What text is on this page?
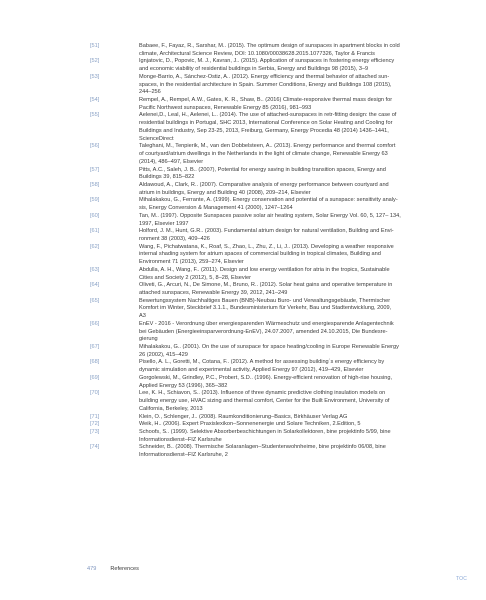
[51]	Babaee, F., Fayaz, R., Sarshar, M.. (2015). The optimum design of sunspaces in apartment blocks in cold
climate, Architectural Science Review, DOI: 10.1080/00038628.2015.1077326, Taylor & Francis
[52]	Ignjatovic, D., Popovic, M. J., Kavran, J.. (2015). Application of sunspaces in fostering energy efficiency
and economic viability of residential buildings in Serbia, Energy and Buildings 98 (2015), 3–9
[53]	Monge-Barrio, A., Sánchez-Ostiz, A.. (2012). Energy efficiency and thermal behavior of attached sun-
spaces, in the residential architecture in Spain. Summer Conditions, Energy and Buildings 108 (2015),
244–256
[54]	Rempel, A., Rempel, A.W., Gates, K. R., Shaw, B.. (2016) Climate-responsive thermal mass design for
Pacific Northwest sunspaces, Renewable Energy 85 (2016), 981–993
[55]	Aelenei,D., Leal, H., Aelenei, L.. (2014). The use of attached-sunspaces in retr-fitting design: the case of
residential buildings in Portugal, SHC 2013, International Conference on Solar Heating and Cooling for
Buildings and Industry, Sep 23-25, 2013, Freiburg, Germany, Energy Procedia 48 (2014) 1436–1441,
ScienceDirect
[56]	Taleghani, M., Tenpierik, M., van den Dobbelsteen, A.. (2013). Energy performance and thermal comfort
of courtyard/atrium dwellings in the Netherlands in the light of climate change, Renewable Energy 63
(2014), 486–497, Elsevier
[57]	Pitts, A.C., Saleh, J. B.. (2007), Potential for energy saving in building transition spaces, Energy and
Buildings 39, 815–822
[58]	Aldawoud, A., Clark, R.. (2007). Comparative analysis of energy performance between courtyard and
atrium in buildings, Energy and Building 40 (2008), 209–214, Elsevier
[59]	Mihalakakou, G., Ferrante, A. (1999). Energy conservation and potential of a sunspace: sensitivity analy-
sis, Energy Conversion & Management 41 (2000), 1247–1264
[60]	Tan, M.. (1997). Opposite Sunspaces passive solar air heating system, Solar Energy Vol. 60, 5, 127– 134,
1997, Elsevier 1997
[61]	Holford, J. M., Hunt, G.R.. (2003). Fundamental atrium design for natural ventilation, Building and Envi-
ronment 38 (2003), 409–426
[62]	Wang, F., Pichatwatana, K., Roaf, S., Zhao, L., Zhu, Z., Li, J.. (2013). Developing a weather responsive
internal shading system for atrium spaces of commercial building in tropical climates, Building and
Environment 71 (2013), 259–274, Elsevier
[63]	Abdulla, A. H., Wang, F.. (2011). Design and low energy ventilation for atria in the tropics, Sustainable
Cities and Society 2 (2012), 5, 8–28, Elsevier
[64]	Oliveti, G., Arcuri, N., De Simone, M., Bruno, R.. (2012). Solar heat gains and operative temperature in
attached sunspaces, Renewable Energy 39, 2012, 241–249
[65]	Bewertungssystem Nachhaltiges Bauen (BNB)-Neubau Buro- und Verwaltungsgebäude, Thermischer
Komfort im Winter, Steckbrief 3.1.1., Bundesministerium für Verkehr, Bau und Stadtentwicklung, 2009,
A3
[66]	EnEV - 2016 - Verordnung über energiesparenden Wärmeschutz und energiesparende Anlagentechnik
bei Gebäuden (Energieeinsparverordnung-EnEV), 24.07.2007, amended 24.10.2015, Die Bundesre-
gierung
[67]	Mihalakakou, G.. (2001). On the use of sunspace for space heating/cooling in Europe Renewable Energy
26 (2002), 415–429
[68]	Pisello, A. L., Goretti, M., Cotana, F.. (2012). A method for assessing building´s energy efficiency by
dynamic simulation and experimental activity, Applied Energy 97 (2012), 419–429, Elsevier
[69]	Gorgolewski, M., Grindley, P.C., Probert, S.D.. (1996). Energy-efficient renovation of high-rise housing,
Applied Energy 53 (1996), 365–382
[70]	Lee, K. H., Schiavon, S.. (2013). Influence of three dynamic predictive clothing insulation models on
building energy use, HVAC sizing and thermal comfort, Center for the Built Environment, University of
California, Berkeley, 2013
[71]	Klein, O., Schlenger, J.. (2008). Raumkonditionierung–Basics, Birkhäuser Verlag AG
[72]	Weik, H.. (2006). Expert Praxislexikon–Sonnenenergie und Solare Techniken, 2.Edition, 5
[73]	Schoofs, S.. (1999). Selektive Absorberbeschichtungen in Solarkollektoren, bine projektinfo 5/99, bine
Informationsdienst–FIZ Karlsruhe
[74]	Schneider, B.. (2008). Thermische Solaranlagen–Studentenwohnheime, bine projektinfo 06/08, bine
Informationsdienst–FIZ Karlsruhe, 2
479	References
TOC
